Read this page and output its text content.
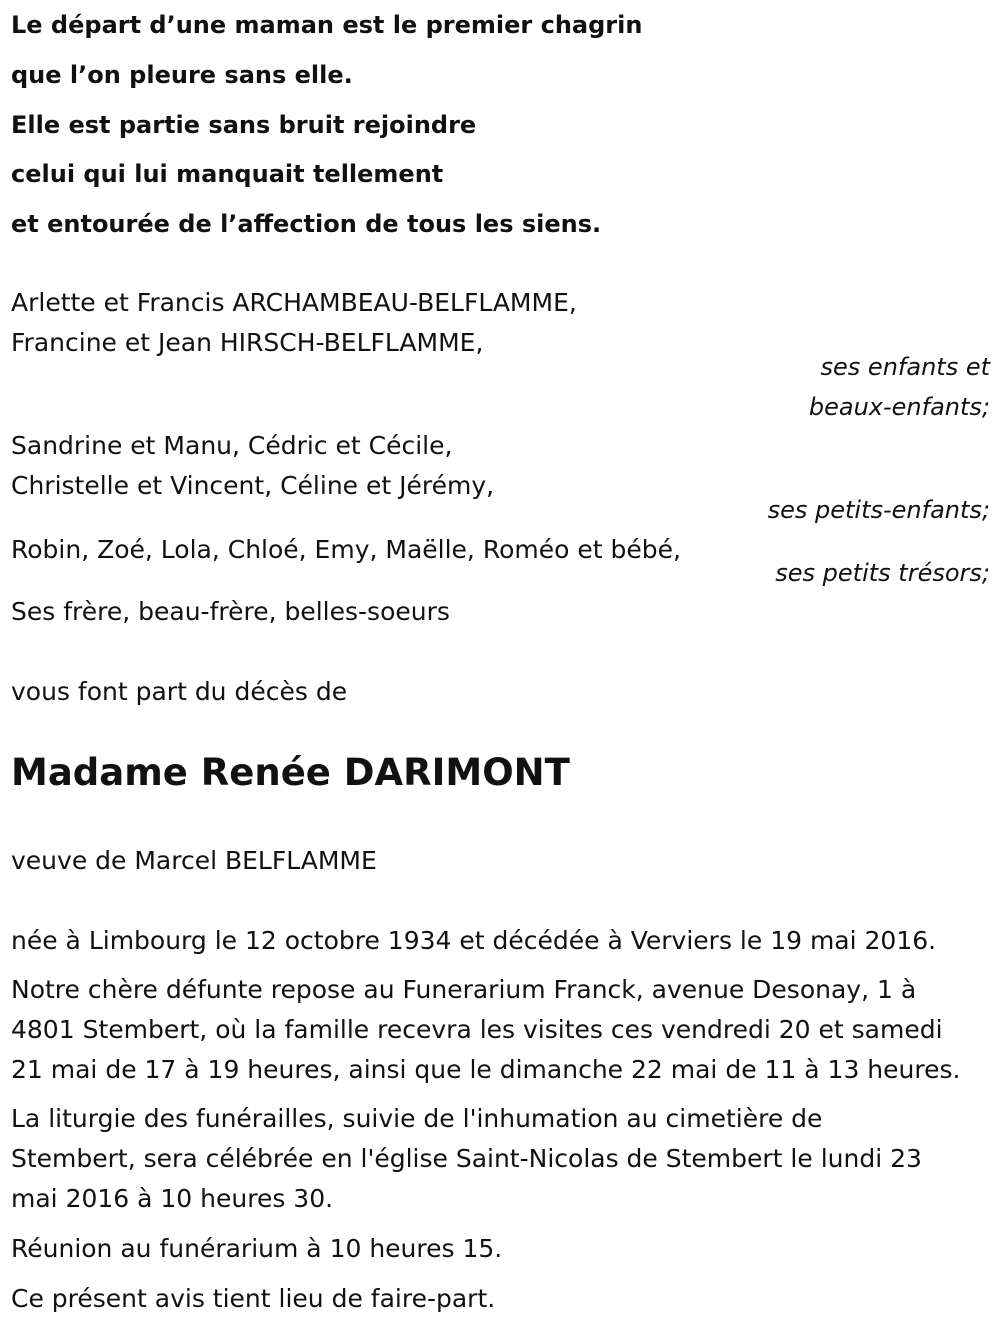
Le départ d’une maman est le premier chagrin
que l’on pleure sans elle.
Elle est partie sans bruit rejoindre
celui qui lui manquait tellement
et entourée de l’affection de tous les siens.
Arlette et Francis ARCHAMBEAU-BELFLAMME,
Francine et Jean HIRSCH-BELFLAMME,
ses enfants et
beaux-enfants;
Sandrine et Manu, Cédric et Cécile,
Christelle et Vincent, Céline et Jérémy,
ses petits-enfants;
Robin, Zoé, Lola, Chloé, Emy, Maëlle, Roméo et bébé,
ses petits trésors;
Ses frère, beau-frère, belles-soeurs
vous font part du décès de
Madame Renée DARIMONT
veuve de Marcel BELFLAMME
née à Limbourg le 12 octobre 1934 et décédée à Verviers le 19 mai 2016.
Notre chère défunte repose au Funerarium Franck, avenue Desonay, 1 à
4801 Stembert, où la famille recevra les visites ces vendredi 20 et samedi
21 mai de 17 à 19 heures, ainsi que le dimanche 22 mai de 11 à 13 heures.
La liturgie des funérailles, suivie de l'inhumation au cimetière de
Stembert, sera célébrée en l'église Saint-Nicolas de Stembert le lundi 23
mai 2016 à 10 heures 30.
Réunion au funérarium à 10 heures 15.
Ce présent avis tient lieu de faire-part.
